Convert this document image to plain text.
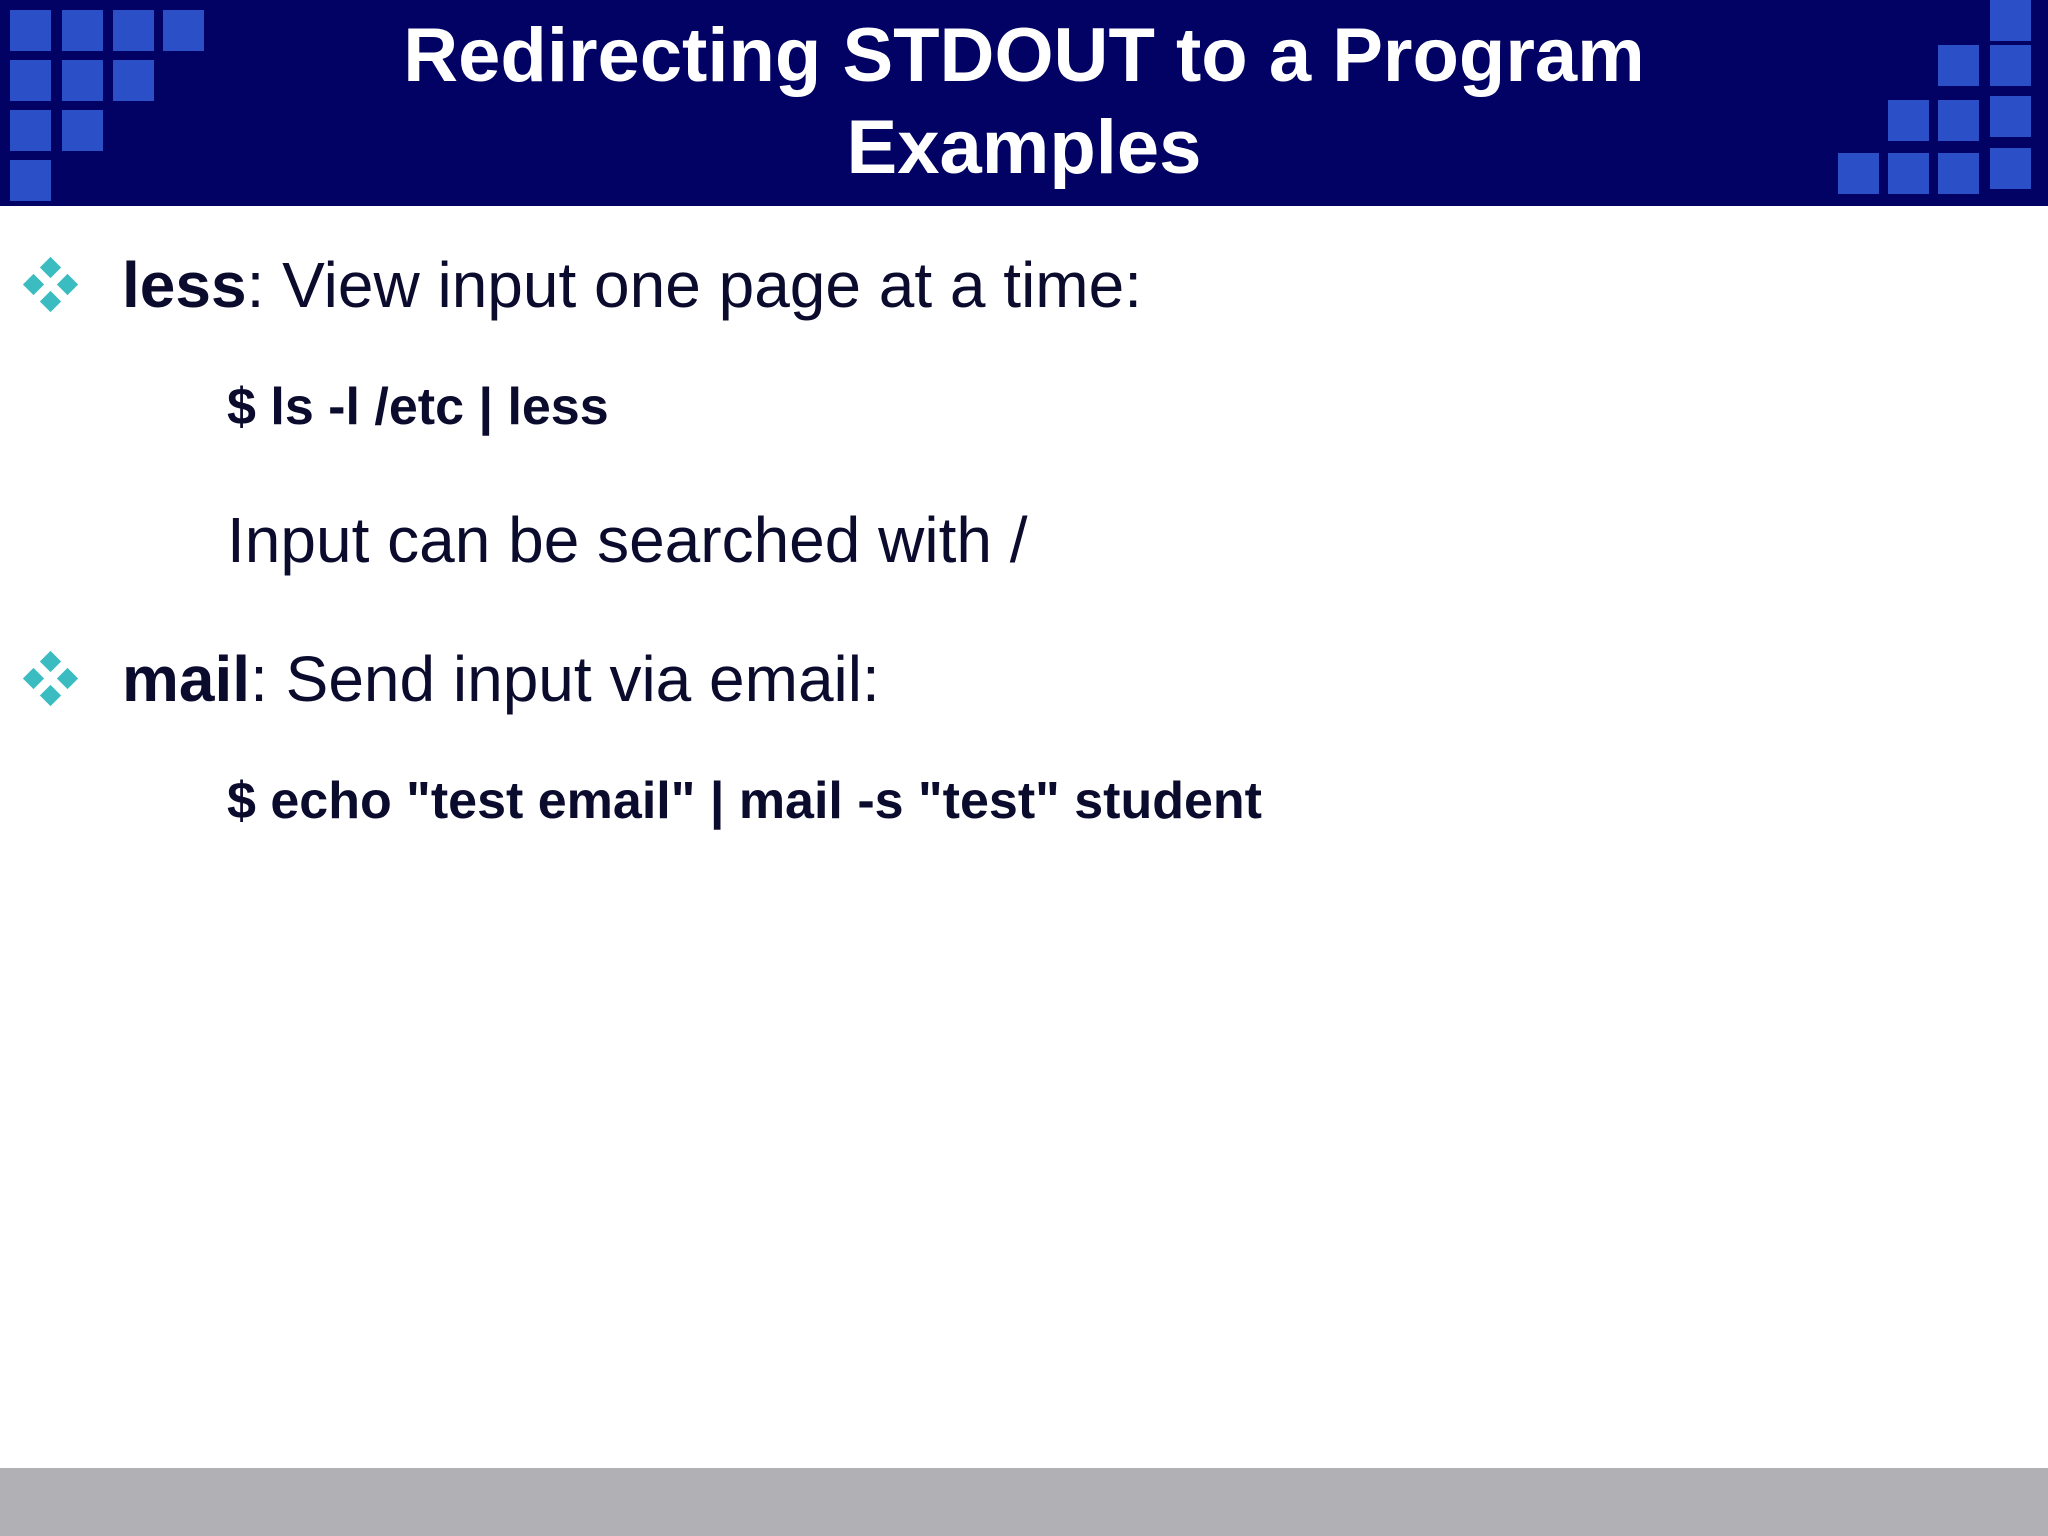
Redirecting STDOUT to a Program
Examples
less: View input one page at a time:
$ ls -l /etc | less
Input can be searched with /
mail: Send input via email:
$ echo "test email" | mail -s "test" student
